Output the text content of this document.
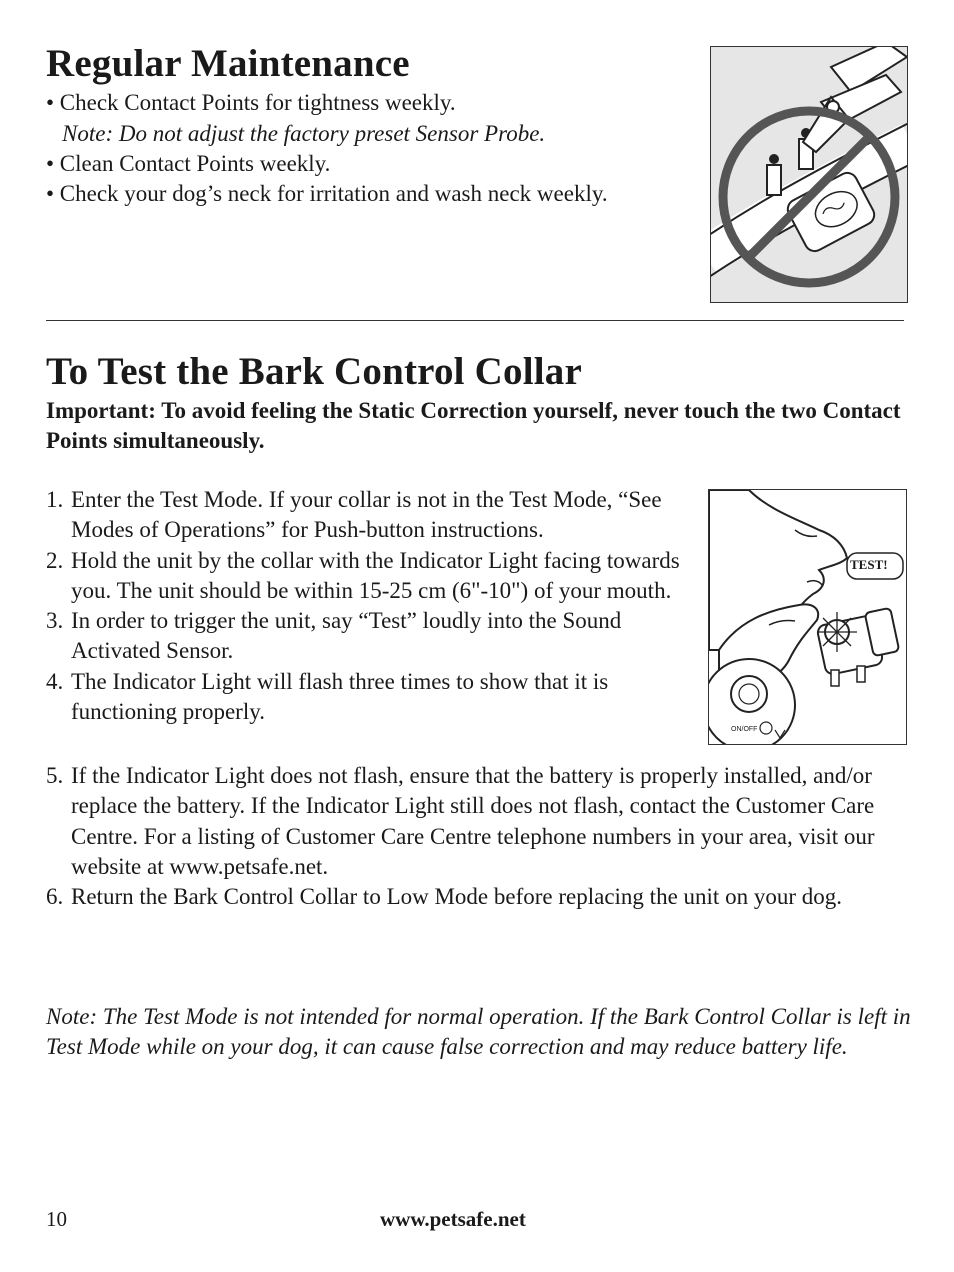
Regular Maintenance
• Check Contact Points for tightness weekly.
Note: Do not adjust the factory preset Sensor Probe.
• Clean Contact Points weekly.
• Check your dog’s neck for irritation and wash neck weekly.
To Test the Bark Control Collar
Important: To avoid feeling the Static Correction yourself, never touch the two Contact Points simultaneously.
1. Enter the Test Mode. If your collar is not in the Test Mode, “See Modes of Operations” for Push-button instructions.
2. Hold the unit by the collar with the Indicator Light facing towards you. The unit should be within 15-25 cm (6"-10") of your mouth.
3. In order to trigger the unit, say “Test” loudly into the Sound Activated Sensor.
4. The Indicator Light will flash three times to show that it is functioning properly.
5. If the Indicator Light does not flash, ensure that the battery is properly installed, and/or replace the battery. If the Indicator Light still does not flash, contact the Customer Care Centre. For a listing of Customer Care Centre telephone numbers in your area, visit our website at www.petsafe.net.
6. Return the Bark Control Collar to Low Mode before replacing the unit on your dog.
TEST!
ON/OFF
Note: The Test Mode is not intended for normal operation. If the Bark Control Collar is left in Test Mode while on your dog, it can cause false correction and may reduce battery life.
10	www.petsafe.net
